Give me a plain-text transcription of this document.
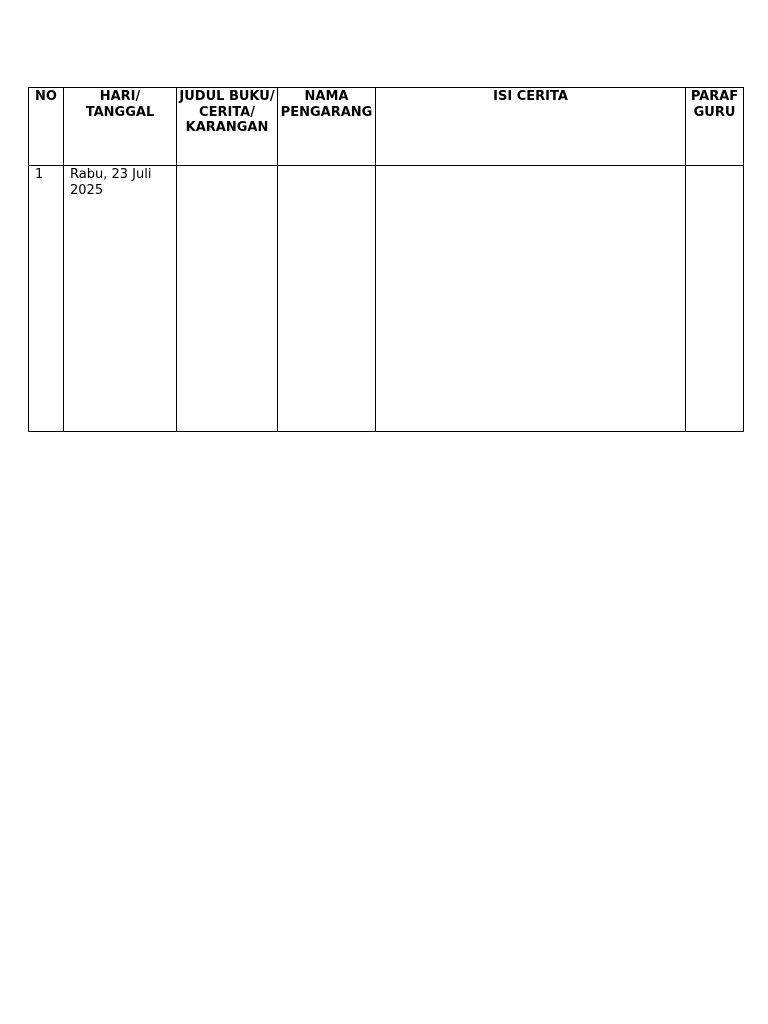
NO	HARI/ TANGGAL	JUDUL BUKU/ CERITA/ KARANGAN	NAMA PENGARANG	ISI CERITA	PARAF GURU

1	Rabu, 23 Juli 2025				
